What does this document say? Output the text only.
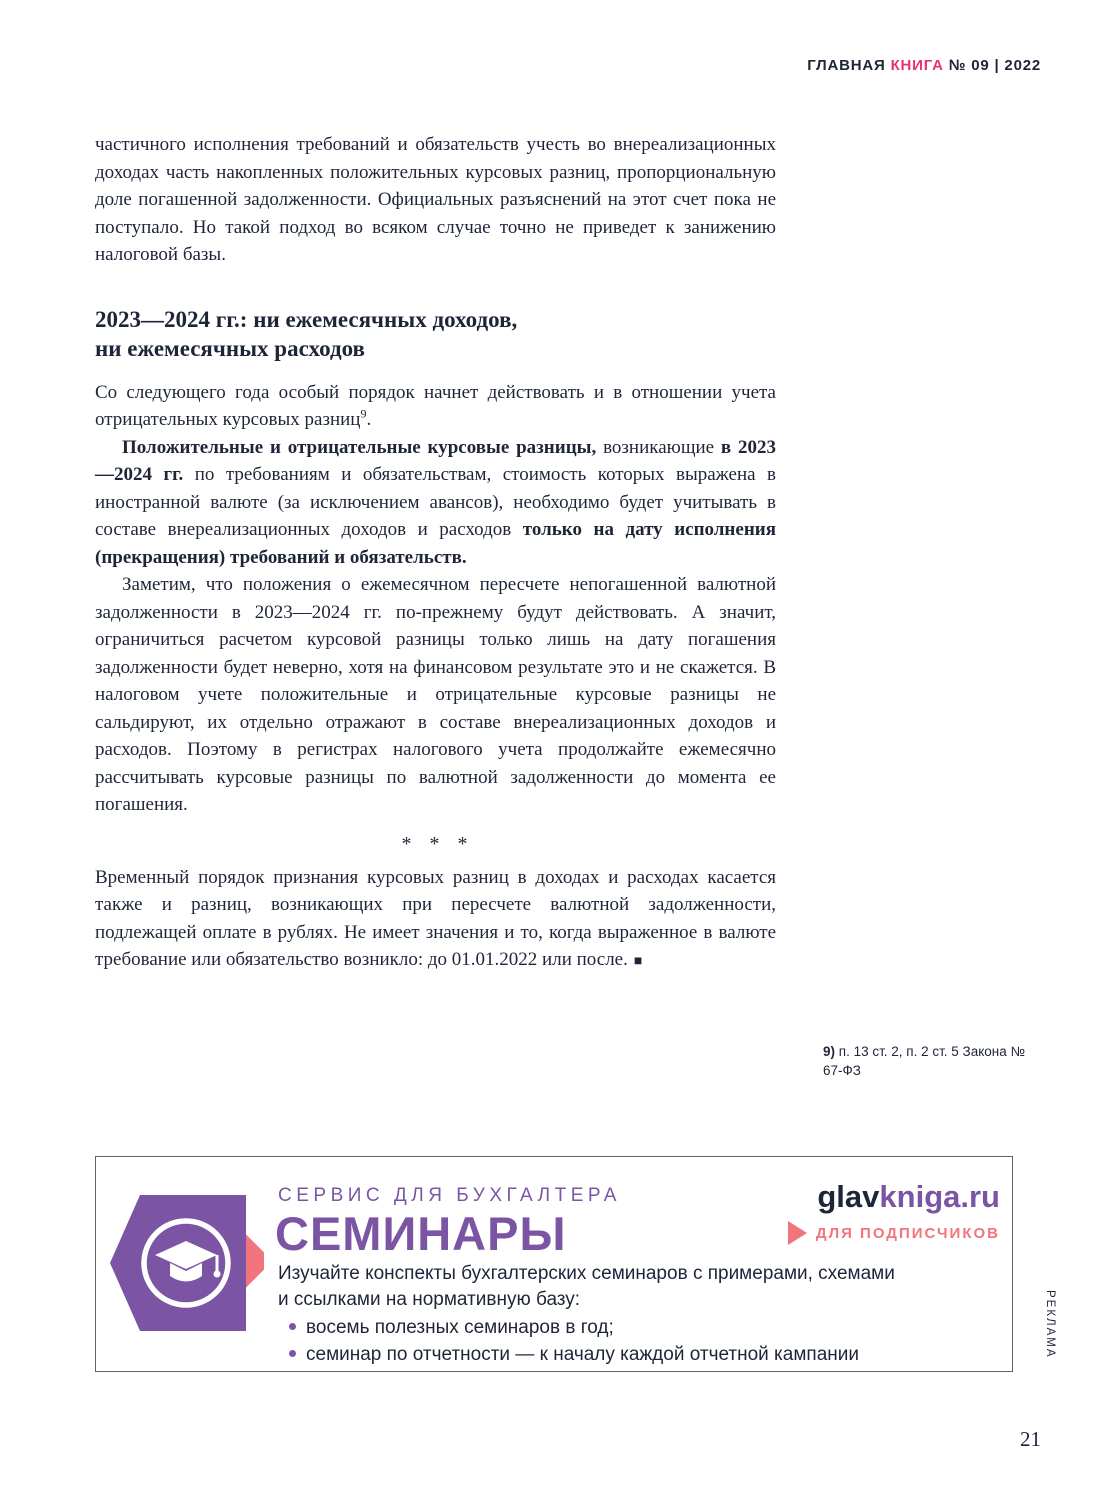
ГЛАВНАЯ КНИГА № 09 | 2022

частичного исполнения требований и обязательств учесть во внереализационных доходах часть накопленных положительных курсовых разниц, пропорциональную доле погашенной задолженности. Официальных разъяснений на этот счет пока не поступало. Но такой подход во всяком случае точно не приведет к занижению налоговой базы.

2023—2024 гг.: ни ежемесячных доходов,
ни ежемесячных расходов

Со следующего года особый порядок начнет действовать и в отношении учета отрицательных курсовых разниц$^9$.

Положительные и отрицательные курсовые разницы, возникающие в 2023—2024 гг. по требованиям и обязательствам, стоимость которых выражена в иностранной валюте (за исключением авансов), необходимо будет учитывать в составе внереализационных доходов и расходов только на дату исполнения (прекращения) требований и обязательств.

Заметим, что положения о ежемесячном пересчете непогашенной валютной задолженности в 2023—2024 гг. по-прежнему будут действовать. А значит, ограничиться расчетом курсовой разницы только лишь на дату погашения задолженности будет неверно, хотя на финансовом результате это и не скажется. В налоговом учете положительные и отрицательные курсовые разницы не сальдируют, их отдельно отражают в составе внереализационных доходов и расходов. Поэтому в регистрах налогового учета продолжайте ежемесячно рассчитывать курсовые разницы по валютной задолженности до момента ее погашения.

* * *

Временный порядок признания курсовых разниц в доходах и расходах касается также и разниц, возникающих при пересчете валютной задолженности, подлежащей оплате в рублях. Не имеет значения и то, когда выраженное в валюте требование или обязательство возникло: до 01.01.2022 или после. ■

9) п. 13 ст. 2, п. 2 ст. 5 Закона № 67-ФЗ
СЕРВИС ДЛЯ БУХГАЛТЕРА
СЕМИНАРЫ
glavkniga.ru
ДЛЯ ПОДПИСЧИКОВ
Изучайте конспекты бухгалтерских семинаров с примерами, схемами
и ссылками на нормативную базу:
восемь полезных семинаров в год;
семинар по отчетности — к началу каждой отчетной кампании	РЕКЛАМА
21
